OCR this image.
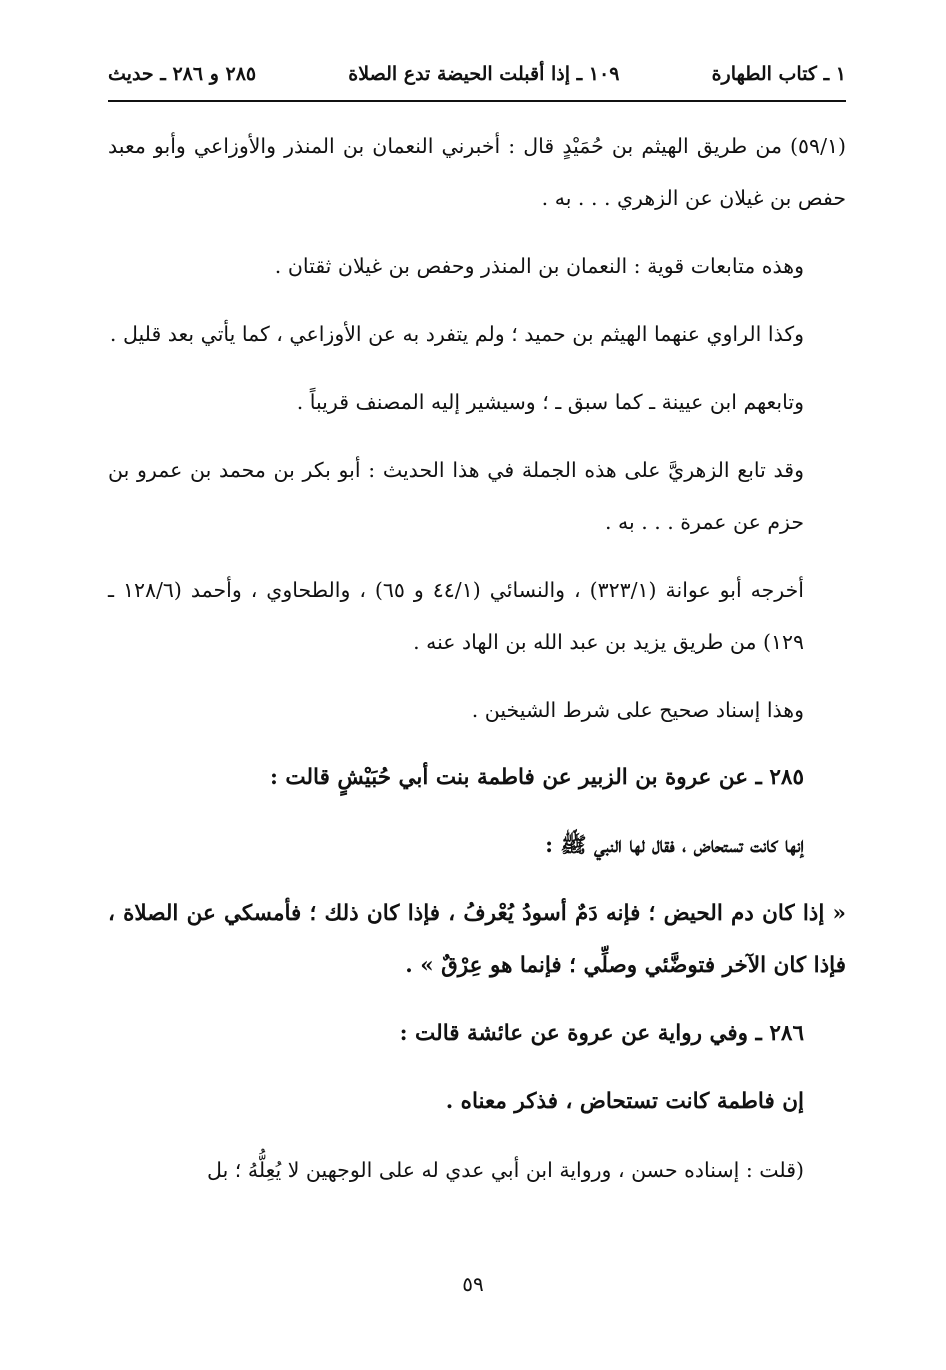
١ ـ كتاب الطهارة
١٠٩ ـ إذا أقبلت الحيضة تدع الصلاة
٢٨٥ و ٢٨٦ ـ حديث

(٥٩/١) من طريق الهيثم بن حُمَيْدٍ قال : أخبرني النعمان بن المنذر والأوزاعي وأبو معبد حفص بن غيلان عن الزهري . . . به .

وهذه متابعات قوية : النعمان بن المنذر وحفص بن غيلان ثقتان .

وكذا الراوي عنهما الهيثم بن حميد ؛ ولم يتفرد به عن الأوزاعي ، كما يأتي بعد قليل .

وتابعهم ابن عيينة ـ كما سبق ـ ؛ وسيشير إليه المصنف قريباً .

وقد تابع الزهريَّ على هذه الجملة في هذا الحديث : أبو بكر بن محمد بن عمرو بن حزم عن عمرة . . . به .

أخرجه أبو عوانة (٣٢٣/١) ، والنسائي (٤٤/١ و ٦٥) ، والطحاوي ، وأحمد (١٢٨/٦ ـ ١٢٩) من طريق يزيد بن عبد الله بن الهاد عنه .

وهذا إسناد صحيح على شرط الشيخين .

٢٨٥ ـ عن عروة بن الزبير عن فاطمة بنت أبي حُبَيْشٍ قالت :

إنها كانت تستحاض ، فقال لها النبي ﷺ :

« إذا كان دم الحيض ؛ فإنه دَمٌ أسودُ يُعْرفُ ، فإذا كان ذلك ؛ فأمسكي عن الصلاة ، فإذا كان الآخر فتوضَّئي وصلِّي ؛ فإنما هو عِرْقٌ » .

٢٨٦ ـ وفي رواية عن عروة عن عائشة قالت :

إن فاطمة كانت تستحاض ، فذكر معناه .

(قلت : إسناده حسن ، ورواية ابن أبي عدي له على الوجهين لا يُعِلُّهُ ؛ بل

٥٩
